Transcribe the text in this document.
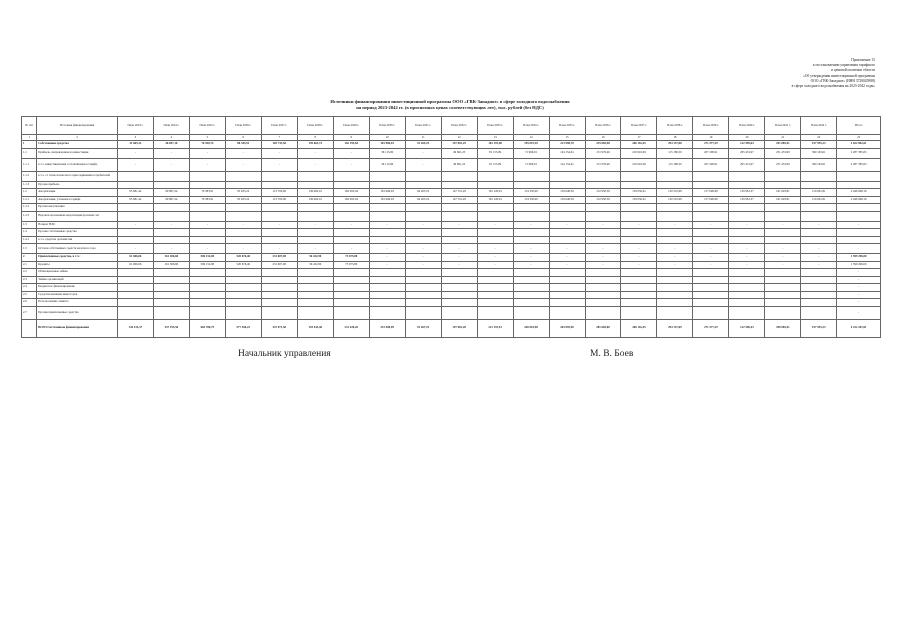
Приложение 15
к постановлению управления тарифного
и ценовой политики области
«Об утверждении инвестиционной программы
ООО «ГВК-Западное» (ИНН 3728045988)
в сфере холодного водоснабжения на 2023-2042 годы»
Источники финансирования инвестиционной программы ООО «ГВК-Западное» в сфере холодного водоснабжения
на период 2023-2042 гг. (в прогнозных ценах соответствующих лет), тыс. рублей (без НДС)
№ п/п	Источник финансирования	План 2023 г.	План 2024 г.	План 2025 г.	План 2026 г.	План 2027 г.	План 2028 г.	План 2029 г.	План 2030 г.	План 2031 г.	План 2032 г.	План 2033 г.	План 2034 г.	План 2035 г.	План 2036 г.	План 2037 г.	План 2038 г.	План 2039 г.	План 2040 г.	План 2041 г.	План 2042 г.	Итого
1	2	3	4	5	6	7	8	9	10	11	12	13	14	15	16	17	18	19	20	21	22	23
1	Собственные средства	31 665,32	46 697,16	76 550,74	86 345,91	105 733,50	139 663,74	162 195,84	181 906,93	91 265,19	157 081,29	181 191,90	195 019,39	213 998,70	235 065,98	260 116,45	294 137,08	271 577,39	122 599,64	291 085,41	197 955,23	2 622 862,61
1.1	Прибыль, направленная на инвестиции	-	-	-	-	-	-	-	36 113,06	-	49 661,23	81 155,09	71 966,91	124 154,61	151 976,46	210 916,09	115 180,50	207 290,91	295 431,97	251 453,99	390 163,61	2 287 385,65
1.1.1	в т.ч. инвестиционная составляющая в тарифе	-	-	-	-	-	-	-	36 113,06	-	49 661,23	81 155,09	71 966,91	124 154,61	151 976,46	210 916,09	115 180,50	207 290,91	295 431,97	251 453,99	390 163,61	2 287 385,65
1.1.2	в т.ч. от технологического присоединения потребителей																					
1.1.3	Прочая прибыль																					
1.2	Амортизация	95 681,42	99 897,24	79 583,91	95 635,22	113 700,00	139 962,91	162 995,04	181 906,93	94 265,19	147 701,29	181 126,91	154 350,90	159 648,59	152 950,59	159 950,61	130 525,98	157 600,68	139 981,37	161 693,81	159 661,81	2 946 968,18
1.2.1	Амортизация, учтенная в тарифе	95 681,42	99 897,24	79 583,91	95 635,22	113 700,00	139 962,91	162 995,04	181 906,93	94 265,19	147 701,29	181 126,91	154 350,90	159 648,59	152 950,59	159 950,61	130 525,98	157 600,68	139 981,37	161 693,81	159 661,81	2 946 968,18
1.2.2	Прочая амортизация																					
1.2.3	Недоиспользованная амортизация прошлых лет																					
1.3	Возврат НДС	-	-	-	-	-	-	-	-	-	-	-	-	-	-	-	-	-	-	-	-	-
1.4	Прочие собственные средства																					
1.4.1	в т.ч. средства допэмиссии																					
1.5	Остаток собственных средств на начало года	-	-	-	-	-	-	-	-	-	-	-	-	-	-	-	-	-	-	-	-	-
2	Привлеченные средства, в т.ч.:	61 606,06	161 306,60	506 152,00	520 676,40	231 607,00	56 432,90	73 675,80	-	-	-	-	-	-	-	-	-	-	-	-	-	1 599 296,00
2.1	Кредиты	61 606,06	161 306,60	506 152,00	520 676,40	231 607,00	56 432,90	73 675,80	-	-	-	-	-	-	-	-	-	-	-	-	-	1 599 296,00
2.2	Облигационные займы																					-
2.3	Займы организаций																					-
2.4	Бюджетное финансирование																					-
2.5	Средства внешних инвесторов																					-
2.6	Использование лизинга																					-
2.7	Прочие привлеченные средства																					-
	ВСЕГО источников финансирования	144 515,37	257 195,56	665 780,75	577 306,22	347 071,50	193 443,46	231 426,26	251 500,99	91 267,19	197 081,28	221 191,91	246 018,98	263 095,90	281 665,00	260 116,45	294 137,09	271 577,29	122 590,43	290 085,41	197 955,23	4 222 267,61
Начальник управления	М. В. Боев
